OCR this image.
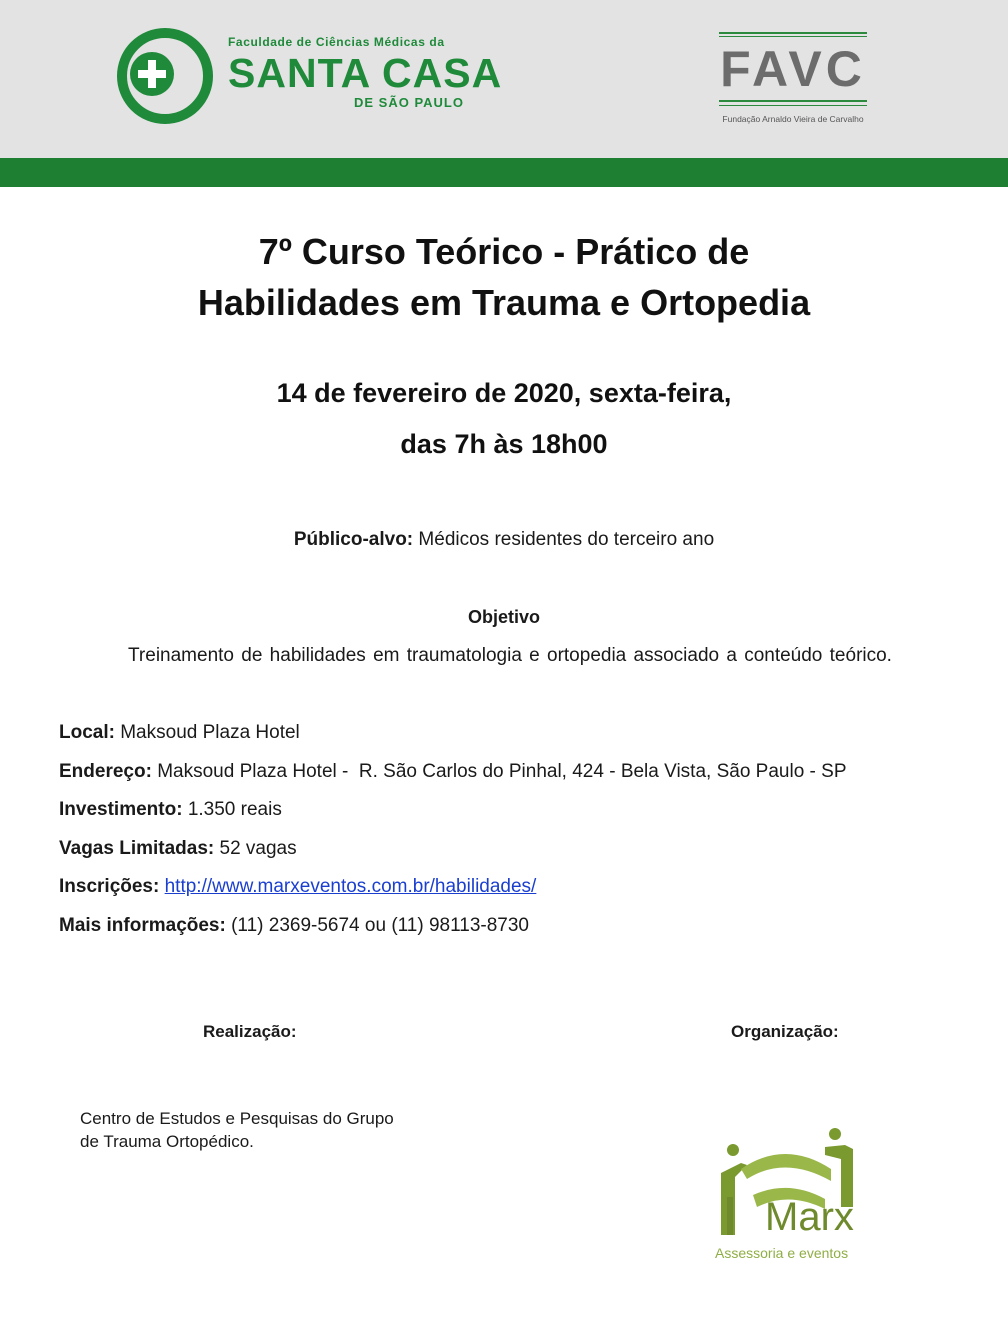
Faculdade de Ciências Médicas da
SANTA CASA
DE SÃO PAULO
FAVC
Fundação Arnaldo Vieira de Carvalho
7º Curso Teórico - Prático de
Habilidades em Trauma e Ortopedia
14 de fevereiro de 2020, sexta-feira,
das 7h às 18h00
Público-alvo: Médicos residentes do terceiro ano
Objetivo
Treinamento de habilidades em traumatologia e ortopedia associado a conteúdo teórico.
Local: Maksoud Plaza Hotel
Endereço: Maksoud Plaza Hotel -  R. São Carlos do Pinhal, 424 - Bela Vista, São Paulo - SP
Investimento: 1.350 reais
Vagas Limitadas: 52 vagas
Inscrições: http://www.marxeventos.com.br/habilidades/
Mais informações: (11) 2369-5674 ou (11) 98113-8730
Realização:	Organização:
Centro de Estudos e Pesquisas do Grupo
de Trauma Ortopédico.
Marx
Assessoria e eventos
